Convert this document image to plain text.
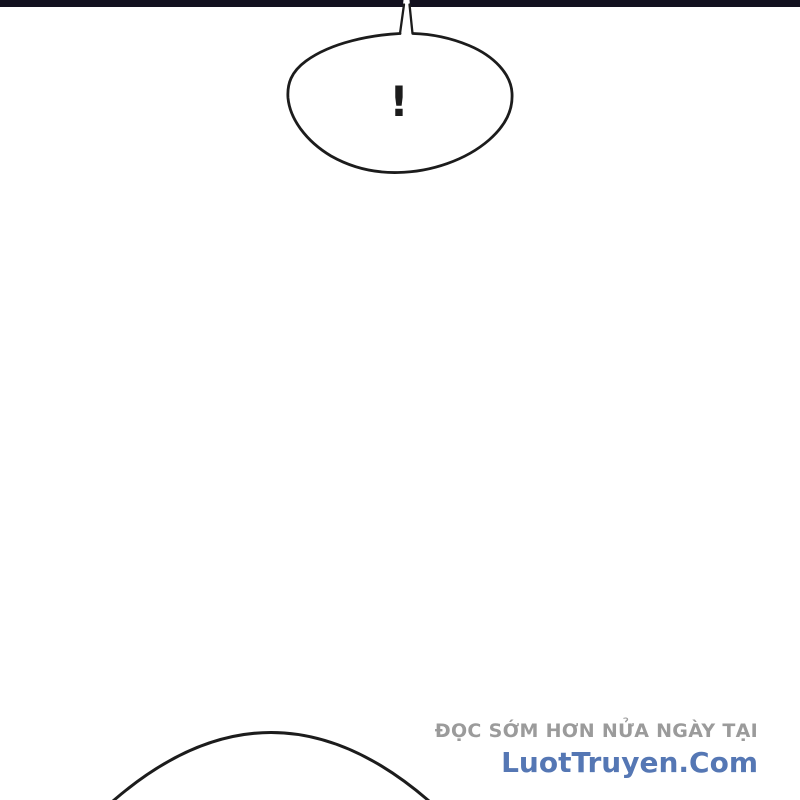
!
ĐỌC SỚM HƠN NỬA NGÀY TẠI
LuotTruyen.Com
